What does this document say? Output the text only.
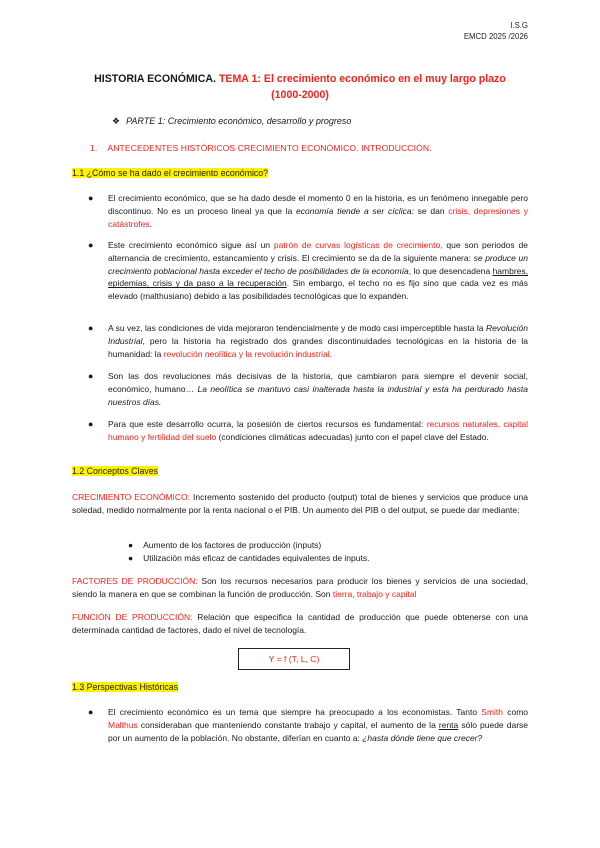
I.S.G
EMCD 2025 /2026
HISTORIA ECONÓMICA. TEMA 1: El crecimiento económico en el muy largo plazo
(1000-2000)
❖ PARTE 1: Crecimiento económico, desarrollo y progreso
1. ANTECEDENTES HISTÓRICOS CRECIMIENTO ECONÓMICO. INTRODUCCIÓN.
1.1 ¿Cómo se ha dado el crecimiento económico?
● El crecimiento económico, que se ha dado desde el momento 0 en la historia, es un fenómeno innegable pero discontinuo. No es un proceso lineal ya que la economía tiende a ser cíclica: se dan crisis, depresiones y catástrofes.
● Este crecimiento económico sigue así un patrón de curvas logísticas de crecimiento, que son periodos de alternancia de crecimiento, estancamiento y crisis. El crecimiento se da de la siguiente manera: se produce un crecimiento poblacional hasta exceder el techo de posibilidades de la economía, lo que desencadena hambres, epidemias, crisis y da paso a la recuperación. Sin embargo, el techo no es fijo sino que cada vez es más elevado (malthusiano) debido a las posibilidades tecnológicas que lo expanden.
● A su vez, las condiciones de vida mejoraron tendencialmente y de modo casi imperceptible hasta la Revolución Industrial, pero la historia ha registrado dos grandes discontinuidades tecnológicas en la historia de la humanidad: la revolución neolítica y la revolución industrial.
● Son las dos revoluciones más decisivas de la historia, que cambiaron para siempre el devenir social, económico, humano… La neolítica se mantuvo casi inalterada hasta la industrial y esta ha perdurado hasta nuestros días.
● Para que este desarrollo ocurra, la posesión de ciertos recursos es fundamental: recursos naturales, capital humano y fertilidad del suelo (condiciones climáticas adecuadas) junto con el papel clave del Estado.
1.2 Conceptos Claves
CRECIMIENTO ECONÓMICO: Incremento sostenido del producto (output) total de bienes y servicios que produce una soledad, medido normalmente por la renta nacional o el PIB. Un aumento del PIB o del output, se puede dar mediante:
● Aumento de los factores de producción (inputs)
● Utilización más eficaz de cantidades equivalentes de inputs.
FACTORES DE PRODUCCIÓN: Son los recursos necesarios para producir los bienes y servicios de una sociedad, siendo la manera en que se combinan la función de producción. Son tierra, trabajo y capital
FUNCIÓN DE PRODUCCIÓN: Relación que especifica la cantidad de producción que puede obtenerse con una determinada cantidad de factores, dado el nivel de tecnología.
Y = f (T, L, C)
1.3 Perspectivas Históricas
● El crecimiento económico es un tema que siempre ha preocupado a los economistas. Tanto Smith como Malthus consideraban que manteniendo constante trabajo y capital, el aumento de la renta sólo puede darse por un aumento de la población. No obstante, diferían en cuanto a: ¿hasta dónde tiene que crecer?
